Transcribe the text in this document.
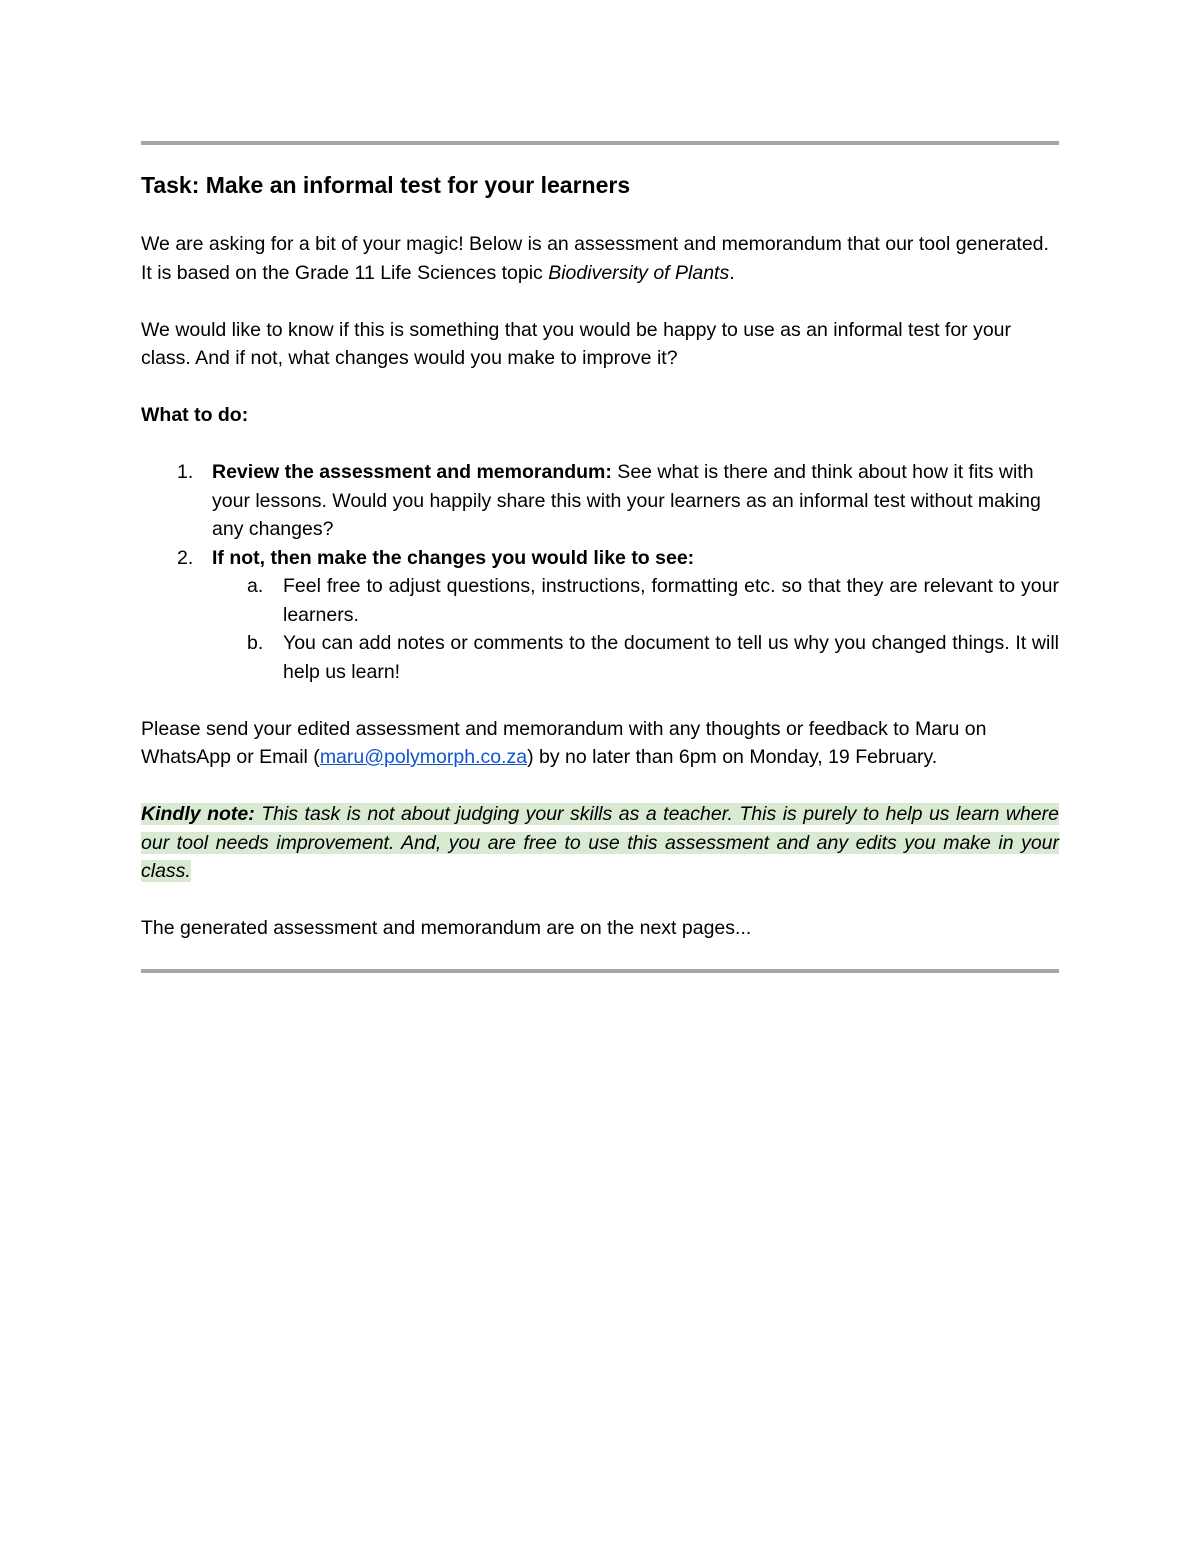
Task: Make an informal test for your learners

We are asking for a bit of your magic! Below is an assessment and memorandum that our tool generated. It is based on the Grade 11 Life Sciences topic Biodiversity of Plants.

We would like to know if this is something that you would be happy to use as an informal test for your class. And if not, what changes would you make to improve it?

What to do:

1. Review the assessment and memorandum: See what is there and think about how it fits with your lessons. Would you happily share this with your learners as an informal test without making any changes?
2. If not, then make the changes you would like to see:
a. Feel free to adjust questions, instructions, formatting etc. so that they are relevant to your learners.
b. You can add notes or comments to the document to tell us why you changed things. It will help us learn!

Please send your edited assessment and memorandum with any thoughts or feedback to Maru on WhatsApp or Email (maru@polymorph.co.za) by no later than 6pm on Monday, 19 February.

Kindly note: This task is not about judging your skills as a teacher. This is purely to help us learn where our tool needs improvement. And, you are free to use this assessment and any edits you make in your class.

The generated assessment and memorandum are on the next pages...
